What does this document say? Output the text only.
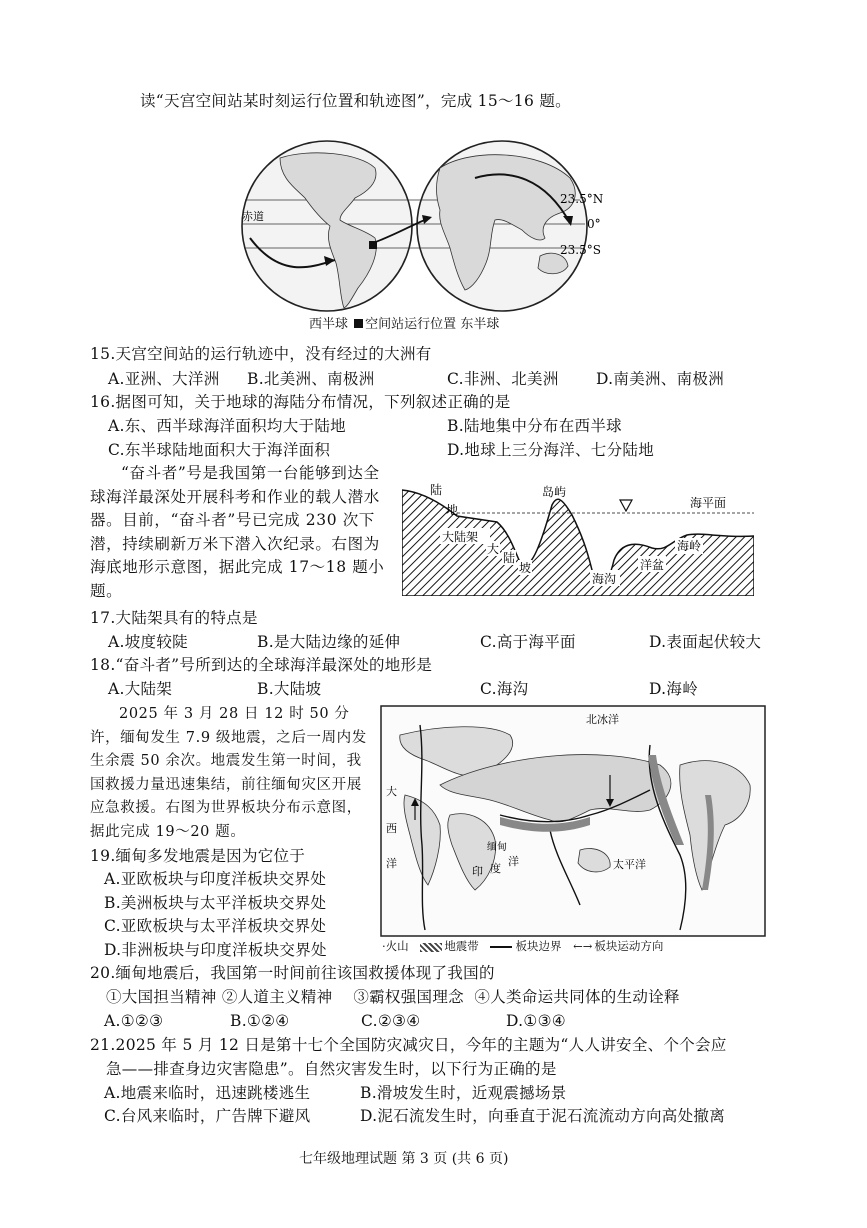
读“天宫空间站某时刻运行位置和轨迹图”，完成 15～16 题。
赤道
23.5°N
0°
23.5°S
西半球 空间站运行位置 东半球
15.天宫空间站的运行轨迹中，没有经过的大洲有
A.亚洲、大洋洲 B.北美洲、南极洲	C.非洲、北美洲 D.南美洲、南极洲
16.据图可知，关于地球的海陆分布情况，下列叙述正确的是
A.东、西半球海洋面积均大于陆地	B.陆地集中分布在西半球
C.东半球陆地面积大于海洋面积	D.地球上三分海洋、七分陆地
“奋斗者”号是我国第一台能够到达全球海洋最深处开展科考和作业的载人潜水器。目前，“奋斗者”号已完成 230 次下潜，持续刷新万米下潜入次纪录。右图为海底地形示意图，据此完成 17～18 题小题。
陆
地
岛屿
海平面
大陆架
大
陆
坡
海岭
洋盆
海沟
17.大陆架具有的特点是
A.坡度较陡	B.是大陆边缘的延伸	C.高于海平面	D.表面起伏较大
18.“奋斗者”号所到达的全球海洋最深处的地形是
A.大陆架	B.大陆坡	C.海沟	D.海岭
2025 年 3 月 28 日 12 时 50 分许，缅甸发生 7.9 级地震，之后一周内发生余震 50 余次。地震发生第一时间，我国救援力量迅速集结，前往缅甸灾区开展应急救援。右图为世界板块分布示意图，据此完成 19～20 题。
北冰洋
太平洋
大
西
洋
印 度
洋
缅甸
·火山	地震带	板块边界 ←→ 板块运动方向
19.缅甸多发地震是因为它位于
A.亚欧板块与印度洋板块交界处
B.美洲板块与太平洋板块交界处
C.亚欧板块与太平洋板块交界处
D.非洲板块与印度洋板块交界处
20.缅甸地震后，我国第一时间前往该国救援体现了我国的
①大国担当精神 ②人道主义精神    ③霸权强国理念  ④人类命运共同体的生动诠释
A.①②③	B.①②④	C.②③④	D.①③④
21.2025 年 5 月 12 日是第十七个全国防灾减灾日，今年的主题为“人人讲安全、个个会应
急——排查身边灾害隐患”。自然灾害发生时，以下行为正确的是
A.地震来临时，迅速跳楼逃生	B.滑坡发生时，近观震撼场景
C.台风来临时，广告牌下避风	D.泥石流发生时，向垂直于泥石流流动方向高处撤离
七年级地理试题 第 3 页 (共 6 页)
